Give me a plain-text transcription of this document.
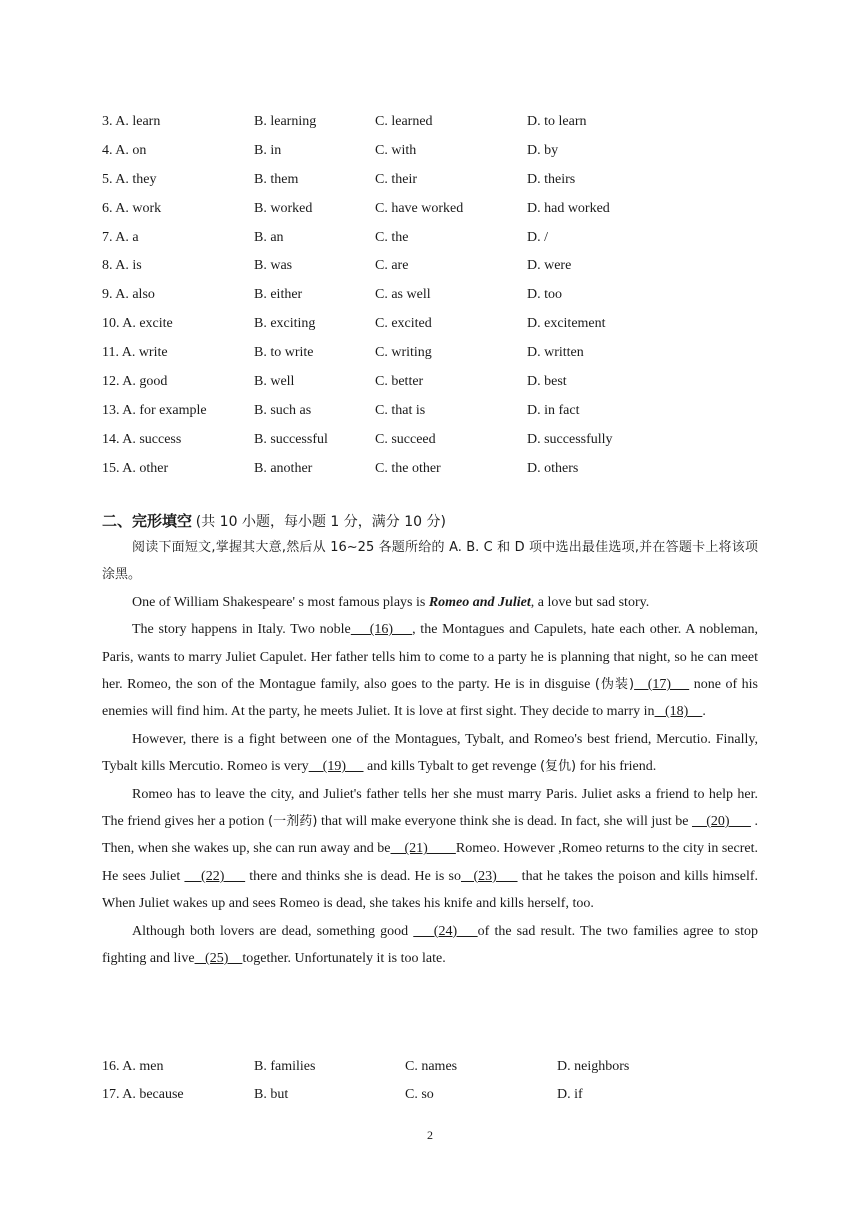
3. A. learn	B. learning	C. learned	D. to learn
4. A. on	B. in	C. with	D. by
5. A. they	B. them	C. their	D. theirs
6. A. work	B. worked	C. have worked	D. had worked
7. A. a	B. an	C. the	D. /
8. A. is	B. was	C. are	D. were
9. A. also	B. either	C. as well	D. too
10. A. excite	B. exciting	C. excited	D. excitement
11. A. write	B. to write	C. writing	D. written
12. A. good	B. well	C. better	D. best
13. A. for example	B. such as	C. that is	D. in fact
14. A. success	B. successful	C. succeed	D. successfully
15. A. other	B. another	C. the other	D. others
二、完形填空 (共 10 小题，每小题 1 分，满分 10 分)

阅读下面短文,掌握其大意,然后从 16~25 各题所给的 A. B. C 和 D 项中选出最佳选项,并在答题卡上将该项涂黑。

One of William Shakespeare' s most famous plays is Romeo and Juliet, a love but sad story.

The story happens in Italy. Two noble    (16)    , the Montagues and Capulets, hate each other. A nobleman, Paris, wants to marry Juliet Capulet. Her father tells him to come to a party he is planning that night, so he can meet her. Romeo, the son of the Montague family, also goes to the party. He is in disguise (伪装)   (17)     none of his enemies will find him. At the party, he meets Juliet. It is love at first sight. They decide to marry in   (18)    .

However, there is a fight between one of the Montagues, Tybalt, and Romeo's best friend, Mercutio. Finally, Tybalt kills Mercutio. Romeo is very    (19)      and kills Tybalt to get revenge (复仇) for his friend.

Romeo has to leave the city, and Juliet's father tells her she must marry Paris. Juliet asks a friend to help her. The friend gives her a potion (一剂药) that will make everyone think she is dead. In fact, she will just be     (20)       . Then, when she wakes up, she can run away and be    (21)        Romeo. However ,Romeo returns to the city in secret. He sees Juliet     (22)      there and thinks she is dead. He is so   (23)      that he takes the poison and kills himself. When Juliet wakes up and sees Romeo is dead, she takes his knife and kills herself, too.

Although both lovers are dead, something good     (24)    of the sad result. The two families agree to stop fighting and live   (25)    together. Unfortunately it is too late.

16. A. men	B. families	C. names	D. neighbors
17. A. because	B. but	C. so	D. if
2
